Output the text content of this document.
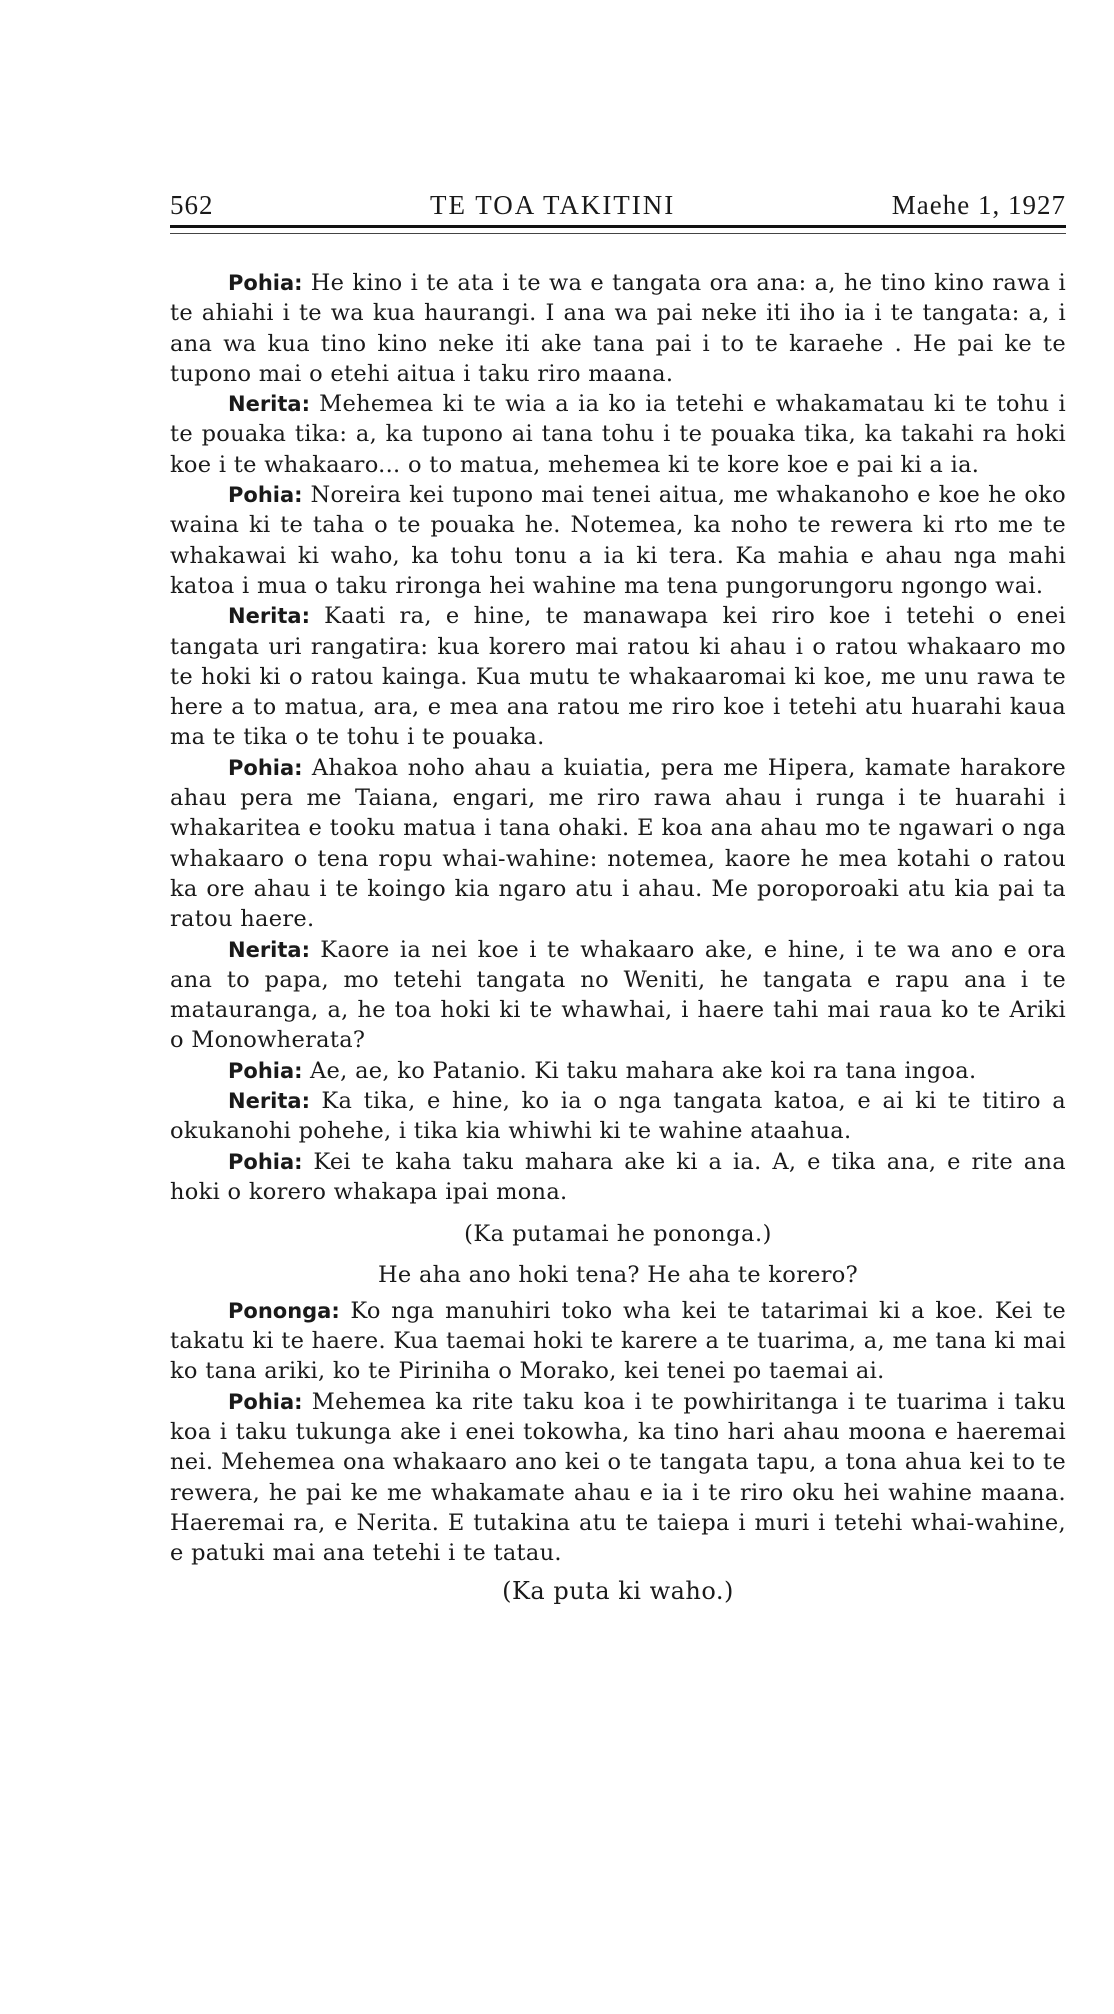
562	TE TOA TAKITINI	Maehe 1, 1927

Pohia: He kino i te ata i te wa e tangata ora ana: a, he tino kino rawa i te ahiahi i te wa kua haurangi. I ana wa pai neke iti iho ia i te tangata: a, i ana wa kua tino kino neke iti ake tana pai i to te karaehe . He pai ke te tupono mai o etehi aitua i taku riro maana.

Nerita: Mehemea ki te wia a ia ko ia tetehi e whakamatau ki te tohu i te pouaka tika: a, ka tupono ai tana tohu i te pouaka tika, ka takahi ra hoki koe i te whakaaro... o to matua, mehemea ki te kore koe e pai ki a ia.

Pohia: Noreira kei tupono mai tenei aitua, me whakanoho e koe he oko waina ki te taha o te pouaka he. Notemea, ka noho te rewera ki rto me te whakawai ki waho, ka tohu tonu a ia ki tera. Ka mahia e ahau nga mahi katoa i mua o taku rironga hei wahine ma tena pungorungoru ngongo wai.

Nerita: Kaati ra, e hine, te manawapa kei riro koe i tetehi o enei tangata uri rangatira: kua korero mai ratou ki ahau i o ratou whakaaro mo te hoki ki o ratou kainga. Kua mutu te whakaaromai ki koe, me unu rawa te here a to matua, ara, e mea ana ratou me riro koe i tetehi atu huarahi kaua ma te tika o te tohu i te pouaka.

Pohia: Ahakoa noho ahau a kuiatia, pera me Hipera, kamate harakore ahau pera me Taiana, engari, me riro rawa ahau i runga i te huarahi i whakaritea e tooku matua i tana ohaki. E koa ana ahau mo te ngawari o nga whakaaro o tena ropu whai-wahine: notemea, kaore he mea kotahi o ratou ka ore ahau i te koingo kia ngaro atu i ahau. Me poroporoaki atu kia pai ta ratou haere.

Nerita: Kaore ia nei koe i te whakaaro ake, e hine, i te wa ano e ora ana to papa, mo tetehi tangata no Weniti, he tangata e rapu ana i te matauranga, a, he toa hoki ki te whawhai, i haere tahi mai raua ko te Ariki o Monowherata?

Pohia: Ae, ae, ko Patanio. Ki taku mahara ake koi ra tana ingoa.

Nerita: Ka tika, e hine, ko ia o nga tangata katoa, e ai ki te titiro a okukanohi pohehe, i tika kia whiwhi ki te wahine ataahua.

Pohia: Kei te kaha taku mahara ake ki a ia. A, e tika ana, e rite ana hoki o korero whakapa ipai mona.

(Ka putamai he pononga.)

He aha ano hoki tena? He aha te korero?

Pononga: Ko nga manuhiri toko wha kei te tatarimai ki a koe. Kei te takatu ki te haere. Kua taemai hoki te karere a te tuarima, a, me tana ki mai ko tana ariki, ko te Piriniha o Morako, kei tenei po taemai ai.

Pohia: Mehemea ka rite taku koa i te powhiritanga i te tuarima i taku koa i taku tukunga ake i enei tokowha, ka tino hari ahau moona e haeremai nei. Mehemea ona whakaaro ano kei o te tangata tapu, a tona ahua kei to te rewera, he pai ke me whakamate ahau e ia i te riro oku hei wahine maana. Haeremai ra, e Nerita. E tutakina atu te taiepa i muri i tetehi whai-wahine, e patuki mai ana tetehi i te tatau.

(Ka puta ki waho.)
